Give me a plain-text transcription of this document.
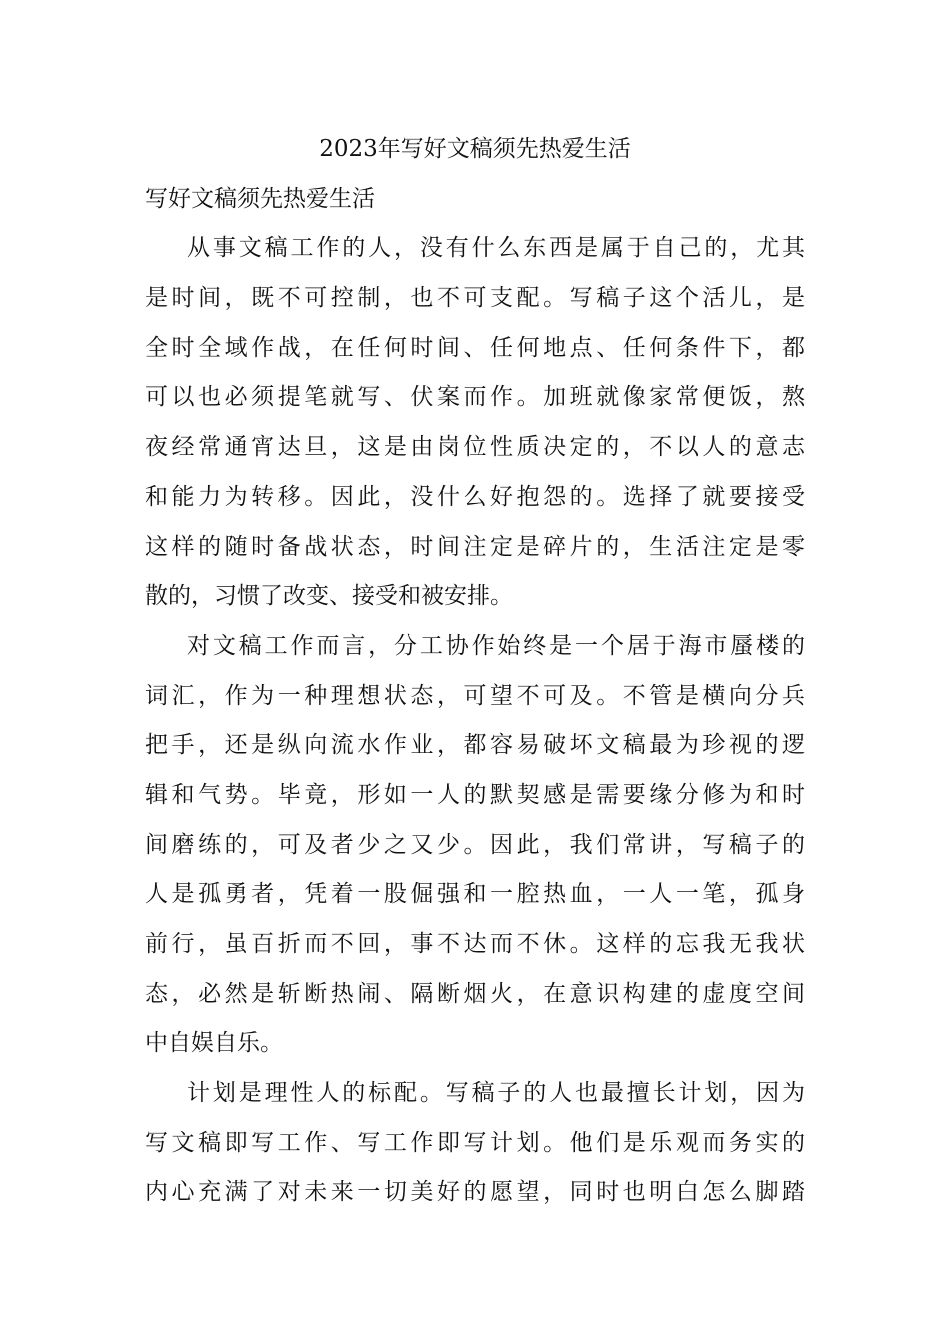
2023年写好文稿须先热爱生活
写好文稿须先热爱生活
从事文稿工作的人，没有什么东西是属于自己的，尤其
是时间，既不可控制，也不可支配。写稿子这个活儿，是
全时全域作战，在任何时间、任何地点、任何条件下，都
可以也必须提笔就写、伏案而作。加班就像家常便饭，熬
夜经常通宵达旦，这是由岗位性质决定的，不以人的意志
和能力为转移。因此，没什么好抱怨的。选择了就要接受
这样的随时备战状态，时间注定是碎片的，生活注定是零
散的，习惯了改变、接受和被安排。
对文稿工作而言，分工协作始终是一个居于海市蜃楼的
词汇，作为一种理想状态，可望不可及。不管是横向分兵
把手，还是纵向流水作业，都容易破坏文稿最为珍视的逻
辑和气势。毕竟，形如一人的默契感是需要缘分修为和时
间磨练的，可及者少之又少。因此，我们常讲，写稿子的
人是孤勇者，凭着一股倔强和一腔热血，一人一笔，孤身
前行，虽百折而不回，事不达而不休。这样的忘我无我状
态，必然是斩断热闹、隔断烟火，在意识构建的虚度空间
中自娱自乐。
计划是理性人的标配。写稿子的人也最擅长计划，因为
写文稿即写工作、写工作即写计划。他们是乐观而务实的
内心充满了对未来一切美好的愿望，同时也明白怎么脚踏
